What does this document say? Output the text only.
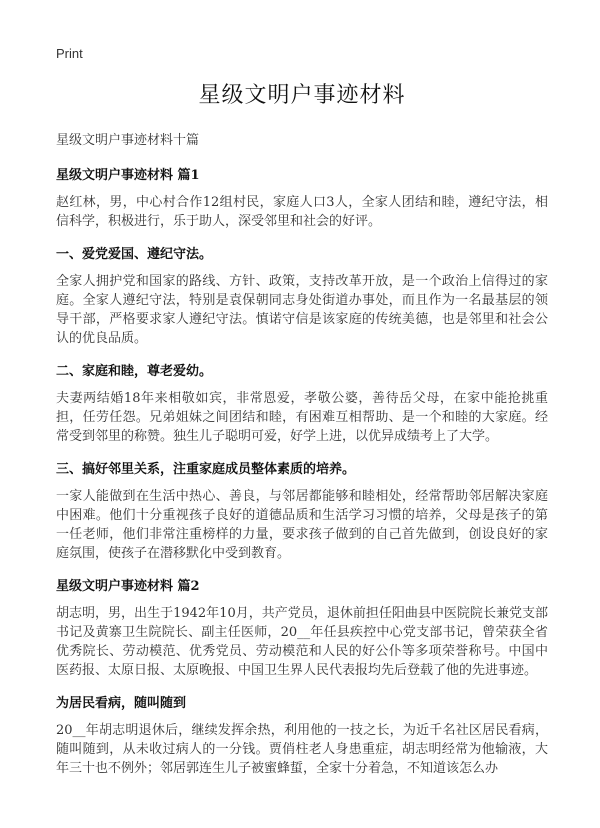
Print
星级文明户事迹材料

星级文明户事迹材料十篇

星级文明户事迹材料 篇1

赵红林，男，中心村合作12组村民，家庭人口3人，全家人团结和睦，遵纪守法，相信科学，积极进行，乐于助人，深受邻里和社会的好评。

一、爱党爱国、遵纪守法。

全家人拥护党和国家的路线、方针、政策，支持改革开放，是一个政治上信得过的家庭。全家人遵纪守法，特别是袁保朝同志身处街道办事处，而且作为一名最基层的领导干部，严格要求家人遵纪守法。慎诺守信是该家庭的传统美德，也是邻里和社会公认的优良品质。

二、家庭和睦，尊老爱幼。

夫妻两结婚18年来相敬如宾，非常恩爱，孝敬公婆，善待岳父母，在家中能抢挑重担，任劳任怨。兄弟姐妹之间团结和睦，有困难互相帮助、是一个和睦的大家庭。经常受到邻里的称赞。独生儿子聪明可爱，好学上进，以优异成绩考上了大学。

三、搞好邻里关系，注重家庭成员整体素质的培养。

一家人能做到在生活中热心、善良，与邻居都能够和睦相处，经常帮助邻居解决家庭中困难。他们十分重视孩子良好的道德品质和生活学习习惯的培养，父母是孩子的第一任老师，他们非常注重榜样的力量，要求孩子做到的自己首先做到，创设良好的家庭氛围，使孩子在潜移默化中受到教育。

星级文明户事迹材料 篇2

胡志明，男，出生于1942年10月，共产党员，退休前担任阳曲县中医院院长兼党支部书记及黄寨卫生院院长、副主任医师，20__年任县疾控中心党支部书记，曾荣获全省优秀院长、劳动模范、优秀党员、劳动模范和人民的好公仆等多项荣誉称号。中国中医药报、太原日报、太原晚报、中国卫生界人民代表报均先后登载了他的先进事迹。

为居民看病，随叫随到

20__年胡志明退休后，继续发挥余热，利用他的一技之长，为近千名社区居民看病，随叫随到，从未收过病人的一分钱。贾俏柱老人身患重症，胡志明经常为他输液，大年三十也不例外；邻居郭连生儿子被蜜蜂蜇，全家十分着急，不知道该怎么办
